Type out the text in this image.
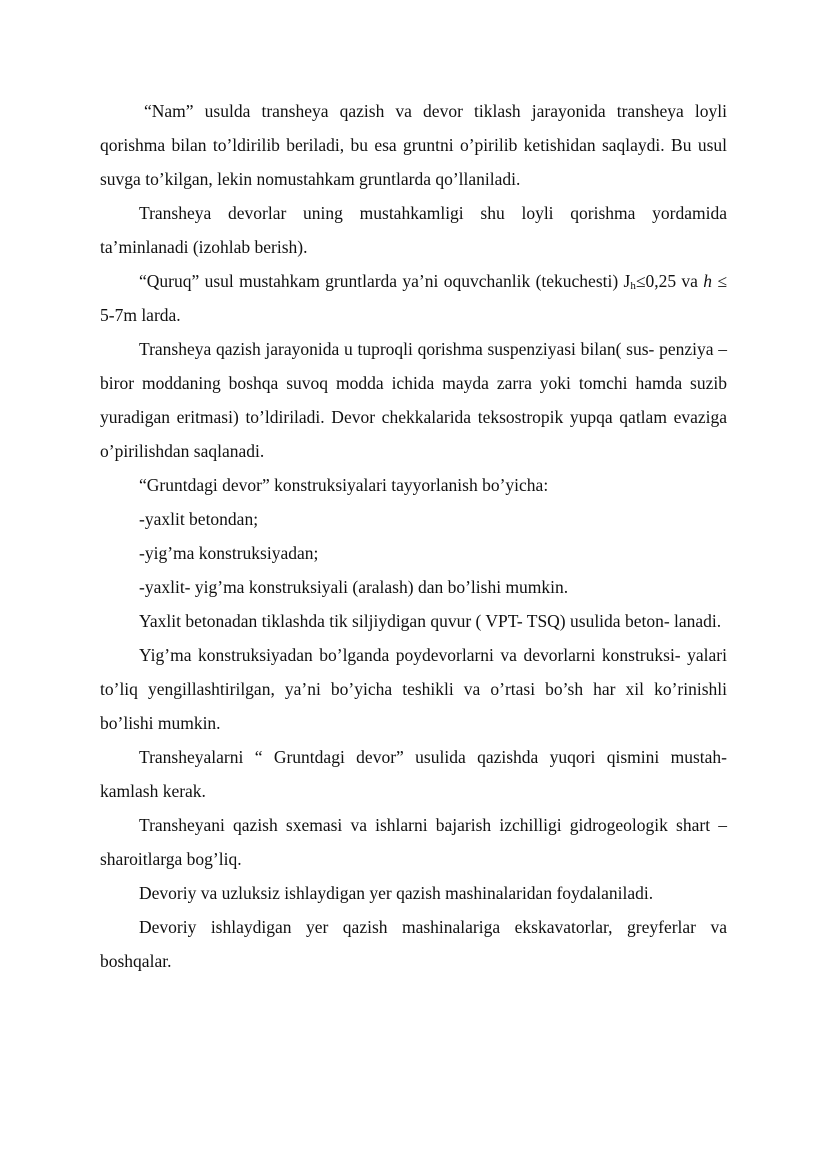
“Nam” usulda transheya qazish va devor tiklash jarayonida transheya loyli qorishma bilan to’ldirilib beriladi, bu esa gruntni o’pirilib ketishidan saqlaydi. Bu usul suvga to’kilgan, lekin nomustahkam gruntlarda qo’llaniladi.

Transheya devorlar uning mustahkamligi shu loyli qorishma yordamida ta’minlanadi (izohlab berish).

“Quruq” usul mustahkam gruntlarda ya’ni oquvchanlik (tekuchesti) Jh≤0,25 va h ≤ 5-7m larda.

Transheya qazish jarayonida u tuproqli qorishma suspenziyasi bilan( sus- penziya – biror moddaning boshqa suvoq modda ichida mayda zarra yoki tomchi hamda suzib yuradigan eritmasi) to’ldiriladi. Devor chekkalarida teksostropik yupqa qatlam evaziga o’pirilishdan saqlanadi.

“Gruntdagi devor” konstruksiyalari tayyorlanish bo’yicha:

-yaxlit betondan;

-yig’ma konstruksiyadan;

-yaxlit- yig’ma konstruksiyali (aralash) dan bo’lishi mumkin.

Yaxlit betonadan tiklashda tik siljiydigan quvur ( VPT- TSQ) usulida beton- lanadi.

Yig’ma konstruksiyadan bo’lganda poydevorlarni va devorlarni konstruksi- yalari to’liq yengillashtirilgan, ya’ni bo’yicha teshikli va o’rtasi bo’sh har xil ko’rinishli bo’lishi mumkin.

Transheyalarni “ Gruntdagi devor” usulida qazishda yuqori qismini mustah- kamlash kerak.

Transheyani qazish sxemasi va ishlarni bajarish izchilligi gidrogeologik shart –sharoitlarga bog’liq.

Devoriy va uzluksiz ishlaydigan yer qazish mashinalaridan foydalaniladi.

Devoriy ishlaydigan yer qazish mashinalariga ekskavatorlar, greyferlar va boshqalar.
